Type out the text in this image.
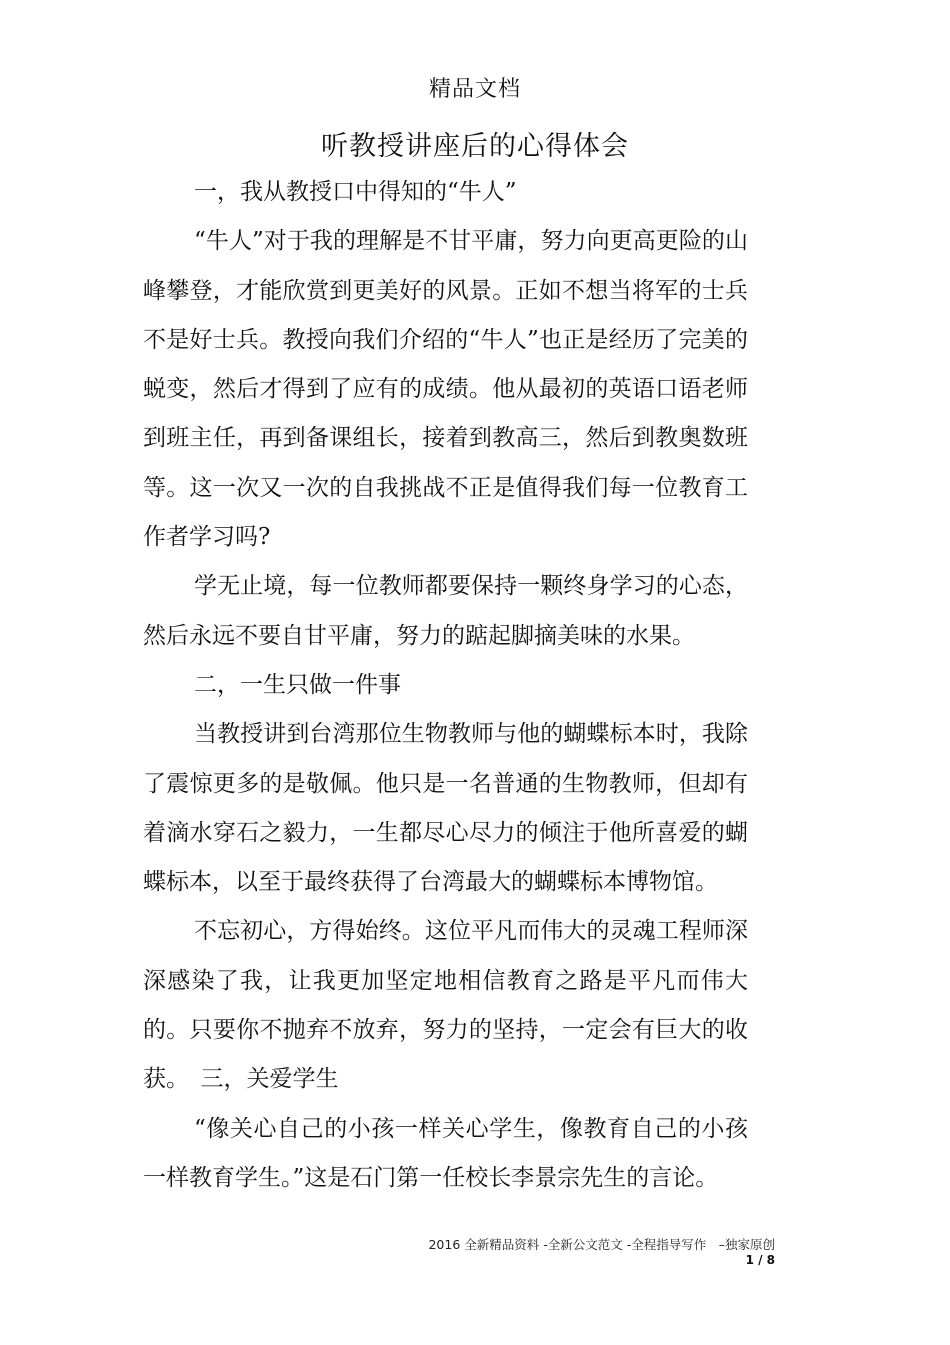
精品文档
听教授讲座后的心得体会

一，我从教授口中得知的“牛人”

“牛人”对于我的理解是不甘平庸，努力向更高更险的山峰攀登，才能欣赏到更美好的风景。正如不想当将军的士兵不是好士兵。教授向我们介绍的“牛人”也正是经历了完美的蜕变，然后才得到了应有的成绩。他从最初的英语口语老师到班主任，再到备课组长，接着到教高三，然后到教奥数班等。这一次又一次的自我挑战不正是值得我们每一位教育工作者学习吗?

学无止境，每一位教师都要保持一颗终身学习的心态，然后永远不要自甘平庸，努力的踮起脚摘美味的水果。

二，一生只做一件事

当教授讲到台湾那位生物教师与他的蝴蝶标本时，我除了震惊更多的是敬佩。他只是一名普通的生物教师，但却有着滴水穿石之毅力，一生都尽心尽力的倾注于他所喜爱的蝴蝶标本，以至于最终获得了台湾最大的蝴蝶标本博物馆。

不忘初心，方得始终。这位平凡而伟大的灵魂工程师深深感染了我，让我更加坚定地相信教育之路是平凡而伟大的。只要你不抛弃不放弃，努力的坚持，一定会有巨大的收获。　三，关爱学生

“像关心自己的小孩一样关心学生，像教育自己的小孩一样教育学生。”这是石门第一任校长李景宗先生的言论。

2016 全新精品资料 -全新公文范文 -全程指导写作　–独家原创
1 / 8
